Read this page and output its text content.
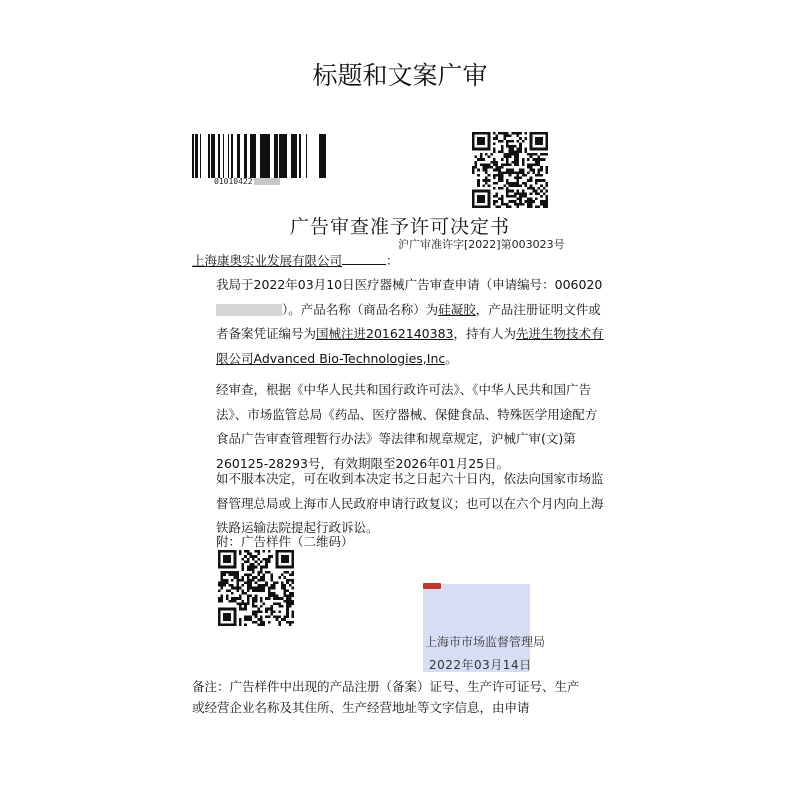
标题和文案广审
01010422
广告审查准予许可决定书
沪广审准许字[2022]第003023号
上海康奥实业发展有限公司	：
我局于2022年03月10日医疗器械广告审查申请（申请编号：006020）。产品名称（商品名称）为硅凝胶，产品注册证明文件或者备案凭证编号为国械注进20162140383，持有人为先进生物技术有限公司Advanced Bio-Technologies,Inc。
经审查，根据《中华人民共和国行政许可法》、《中华人民共和国广告法》、市场监管总局《药品、医疗器械、保健食品、特殊医学用途配方食品广告审查管理暂行办法》等法律和规章规定，沪械广审(文)第260125-28293号，有效期限至2026年01月25日。
如不服本决定，可在收到本决定书之日起六十日内，依法向国家市场监督管理总局或上海市人民政府申请行政复议；也可以在六个月内向上海铁路运输法院提起行政诉讼。
附：广告样件（二维码）
上海市市场监督管理局
2022年03月14日
备注：广告样件中出现的产品注册（备案）证号、生产许可证号、生产或经营企业名称及其住所、生产经营地址等文字信息，由申请
